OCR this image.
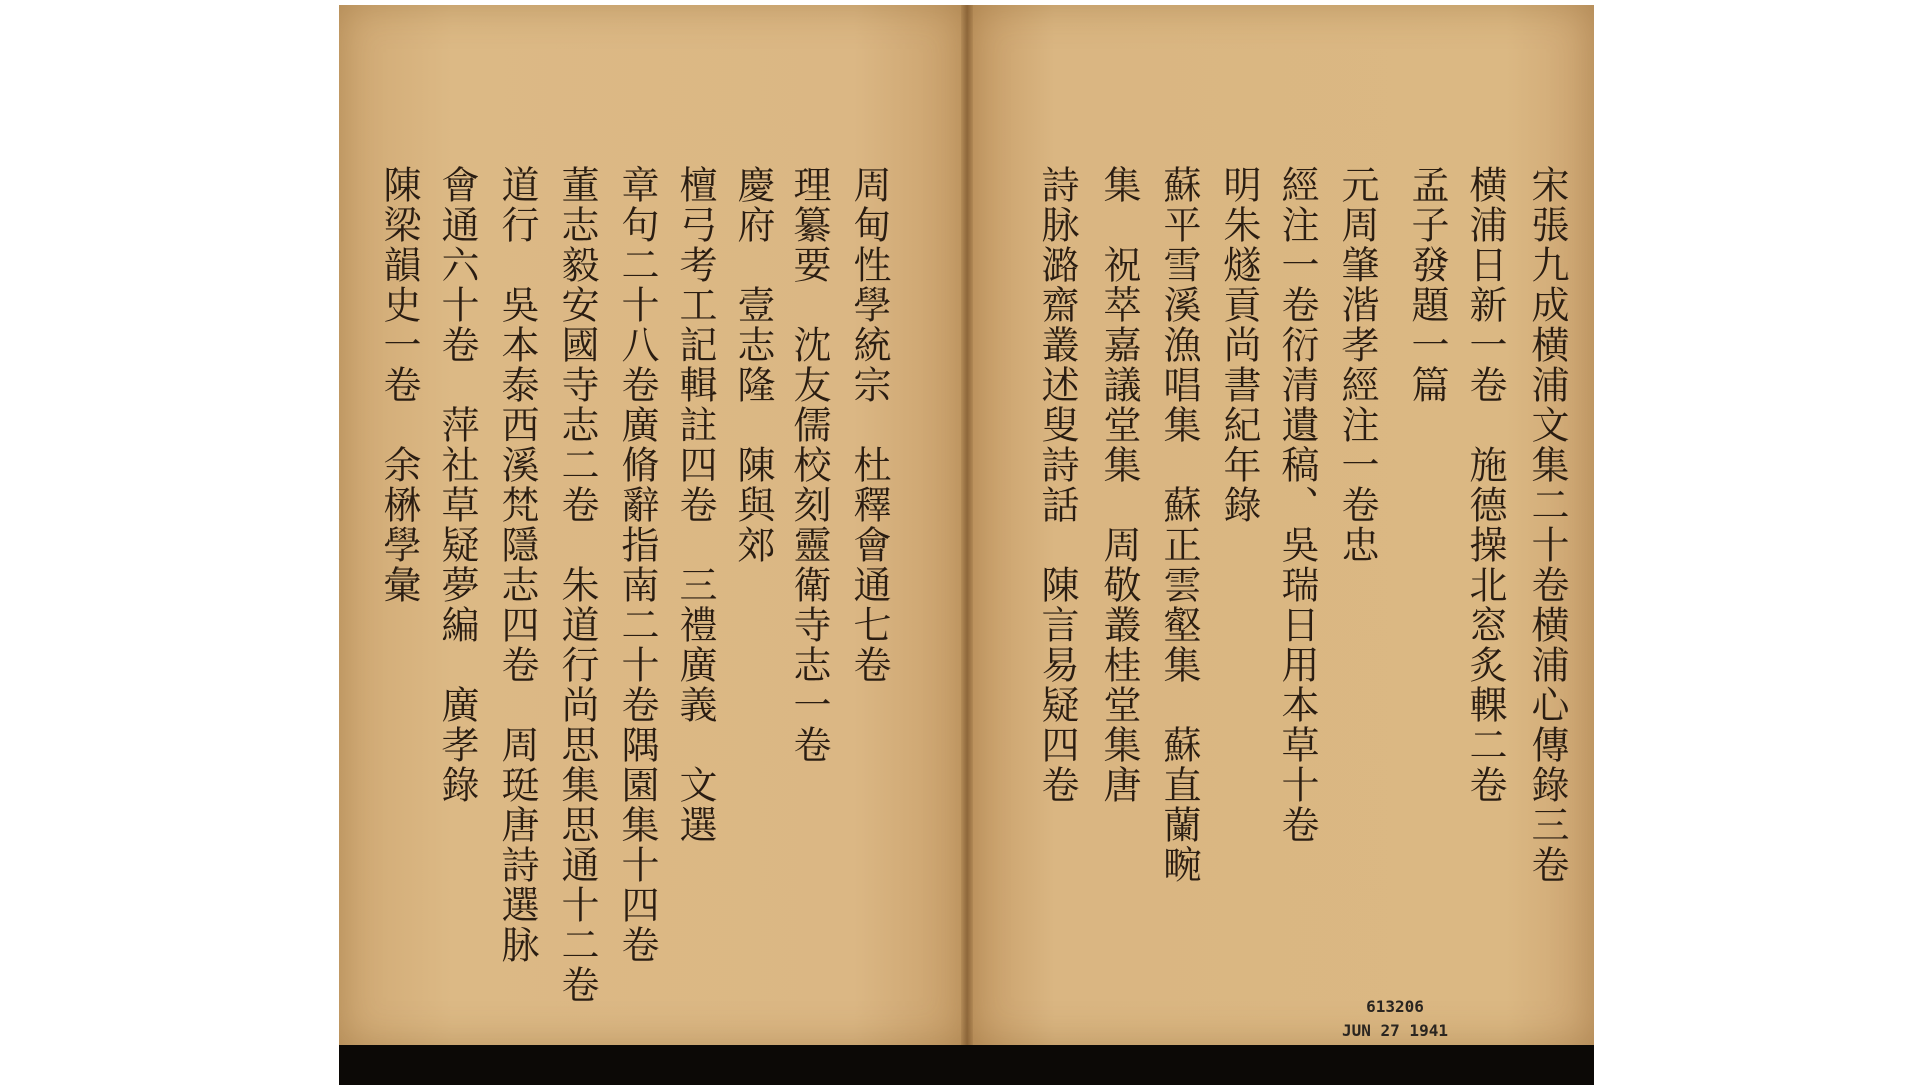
宋張九成横浦文集二十卷横浦心傳錄三卷
横浦日新一卷　施德操北窓炙輠二卷
孟子發題一篇
元周肇湝孝經注一卷忠
經注一卷衍清遺稿、吳瑞日用本草十卷
明朱燧貢尚書紀年錄
蘇平雪溪漁唱集　蘇正雲壑集　蘇直蘭畹
集　祝萃嘉議堂集　周敬叢桂堂集唐
詩脉潞齋叢述叟詩話　陳言易疑四卷
周甸性學統宗　杜釋會通七卷
理纂要　沈友儒校刻靈衛寺志一卷
慶府　壹志隆　陳與郊
檀弓考工記輯註四卷　三禮廣義　文選
章句二十八卷廣脩辭指南二十卷隅園集十四卷
董志毅安國寺志二卷　朱道行尚思集思通十二卷
道行　吳本泰西溪梵隱志四卷　周珽唐詩選脉
會通六十卷　萍社草疑夢編　廣孝錄
陳梁韻史一卷　余楙學彙
613206
JUN 27 1941
